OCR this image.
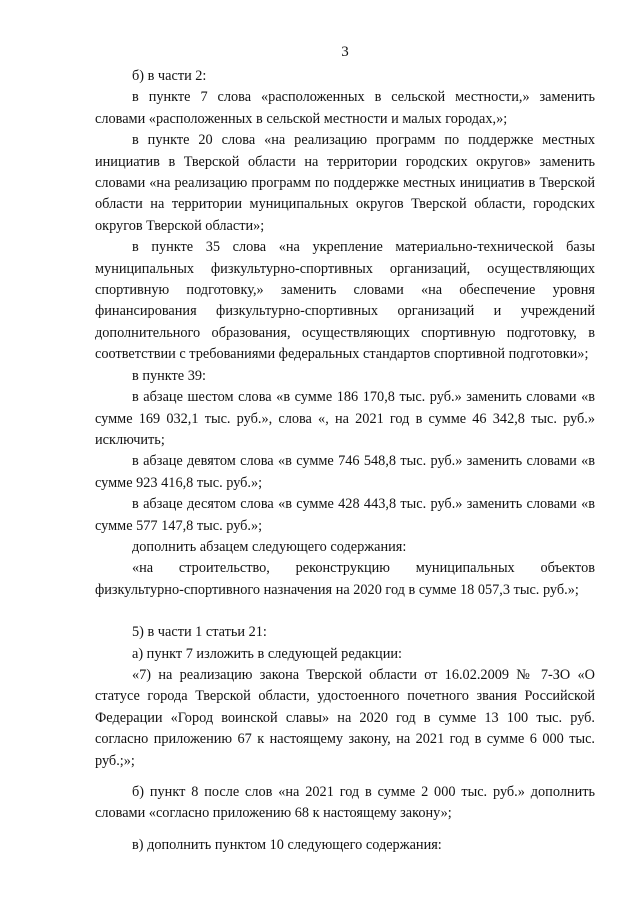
3

б) в части 2:

в пункте 7 слова «расположенных в сельской местности,» заменить словами «расположенных в сельской местности и малых городах,»;

в пункте 20 слова «на реализацию программ по поддержке местных инициатив в Тверской области на территории городских округов» заменить словами «на реализацию программ по поддержке местных инициатив в Тверской области на территории муниципальных округов Тверской области, городских округов Тверской области»;

в пункте 35 слова «на укрепление материально-технической базы муниципальных физкультурно-спортивных организаций, осуществляющих спортивную подготовку,» заменить словами «на обеспечение уровня финансирования физкультурно-спортивных организаций и учреждений дополнительного образования, осуществляющих спортивную подготовку, в соответствии с требованиями федеральных стандартов спортивной подготовки»;

в пункте 39:

в абзаце шестом слова «в сумме 186 170,8 тыс. руб.» заменить словами «в сумме 169 032,1 тыс. руб.», слова «, на 2021 год в сумме 46 342,8 тыс. руб.» исключить;

в абзаце девятом слова «в сумме 746 548,8 тыс. руб.» заменить словами «в сумме 923 416,8 тыс. руб.»;

в абзаце десятом слова «в сумме 428 443,8 тыс. руб.» заменить словами «в сумме 577 147,8 тыс. руб.»;

дополнить абзацем следующего содержания:

«на строительство, реконструкцию муниципальных объектов физкультурно-спортивного назначения на 2020 год в сумме 18 057,3 тыс. руб.»;

5) в части 1 статьи 21:

а) пункт 7 изложить в следующей редакции:

«7) на реализацию закона Тверской области от 16.02.2009 № 7-ЗО «О статусе города Тверской области, удостоенного почетного звания Российской Федерации «Город воинской славы» на 2020 год в сумме 13 100 тыс. руб. согласно приложению 67 к настоящему закону, на 2021 год в сумме 6 000 тыс. руб.;»;

б) пункт 8 после слов «на 2021 год в сумме 2 000 тыс. руб.» дополнить словами «согласно приложению 68 к настоящему закону»;

в) дополнить пунктом 10 следующего содержания:
